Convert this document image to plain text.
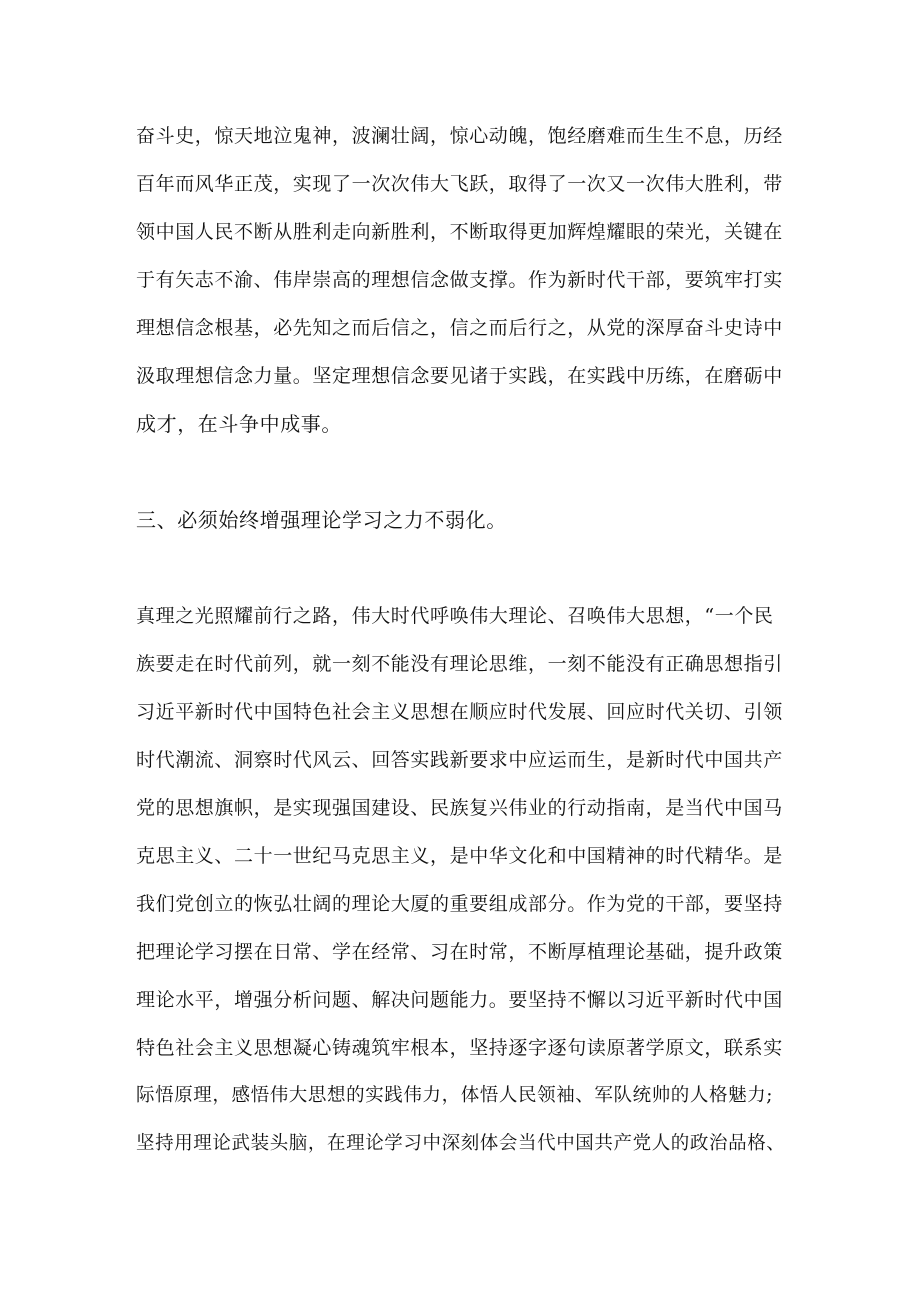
奋斗史，惊天地泣鬼神，波澜壮阔，惊心动魄，饱经磨难而生生不息，历经
百年而风华正茂，实现了一次次伟大飞跃，取得了一次又一次伟大胜利，带
领中国人民不断从胜利走向新胜利，不断取得更加辉煌耀眼的荣光，关键在
于有矢志不渝、伟岸崇高的理想信念做支撑。作为新时代干部，要筑牢打实
理想信念根基，必先知之而后信之，信之而后行之，从党的深厚奋斗史诗中
汲取理想信念力量。坚定理想信念要见诸于实践，在实践中历练，在磨砺中
成才，在斗争中成事。
三、必须始终增强理论学习之力不弱化。
真理之光照耀前行之路，伟大时代呼唤伟大理论、召唤伟大思想，“一个民
族要走在时代前列，就一刻不能没有理论思维，一刻不能没有正确思想指引
习近平新时代中国特色社会主义思想在顺应时代发展、回应时代关切、引领
时代潮流、洞察时代风云、回答实践新要求中应运而生，是新时代中国共产
党的思想旗帜，是实现强国建设、民族复兴伟业的行动指南，是当代中国马
克思主义、二十一世纪马克思主义，是中华文化和中国精神的时代精华。是
我们党创立的恢弘壮阔的理论大厦的重要组成部分。作为党的干部，要坚持
把理论学习摆在日常、学在经常、习在时常，不断厚植理论基础，提升政策
理论水平，增强分析问题、解决问题能力。要坚持不懈以习近平新时代中国
特色社会主义思想凝心铸魂筑牢根本，坚持逐字逐句读原著学原文，联系实
际悟原理，感悟伟大思想的实践伟力，体悟人民领袖、军队统帅的人格魅力;
坚持用理论武装头脑，在理论学习中深刻体会当代中国共产党人的政治品格、
